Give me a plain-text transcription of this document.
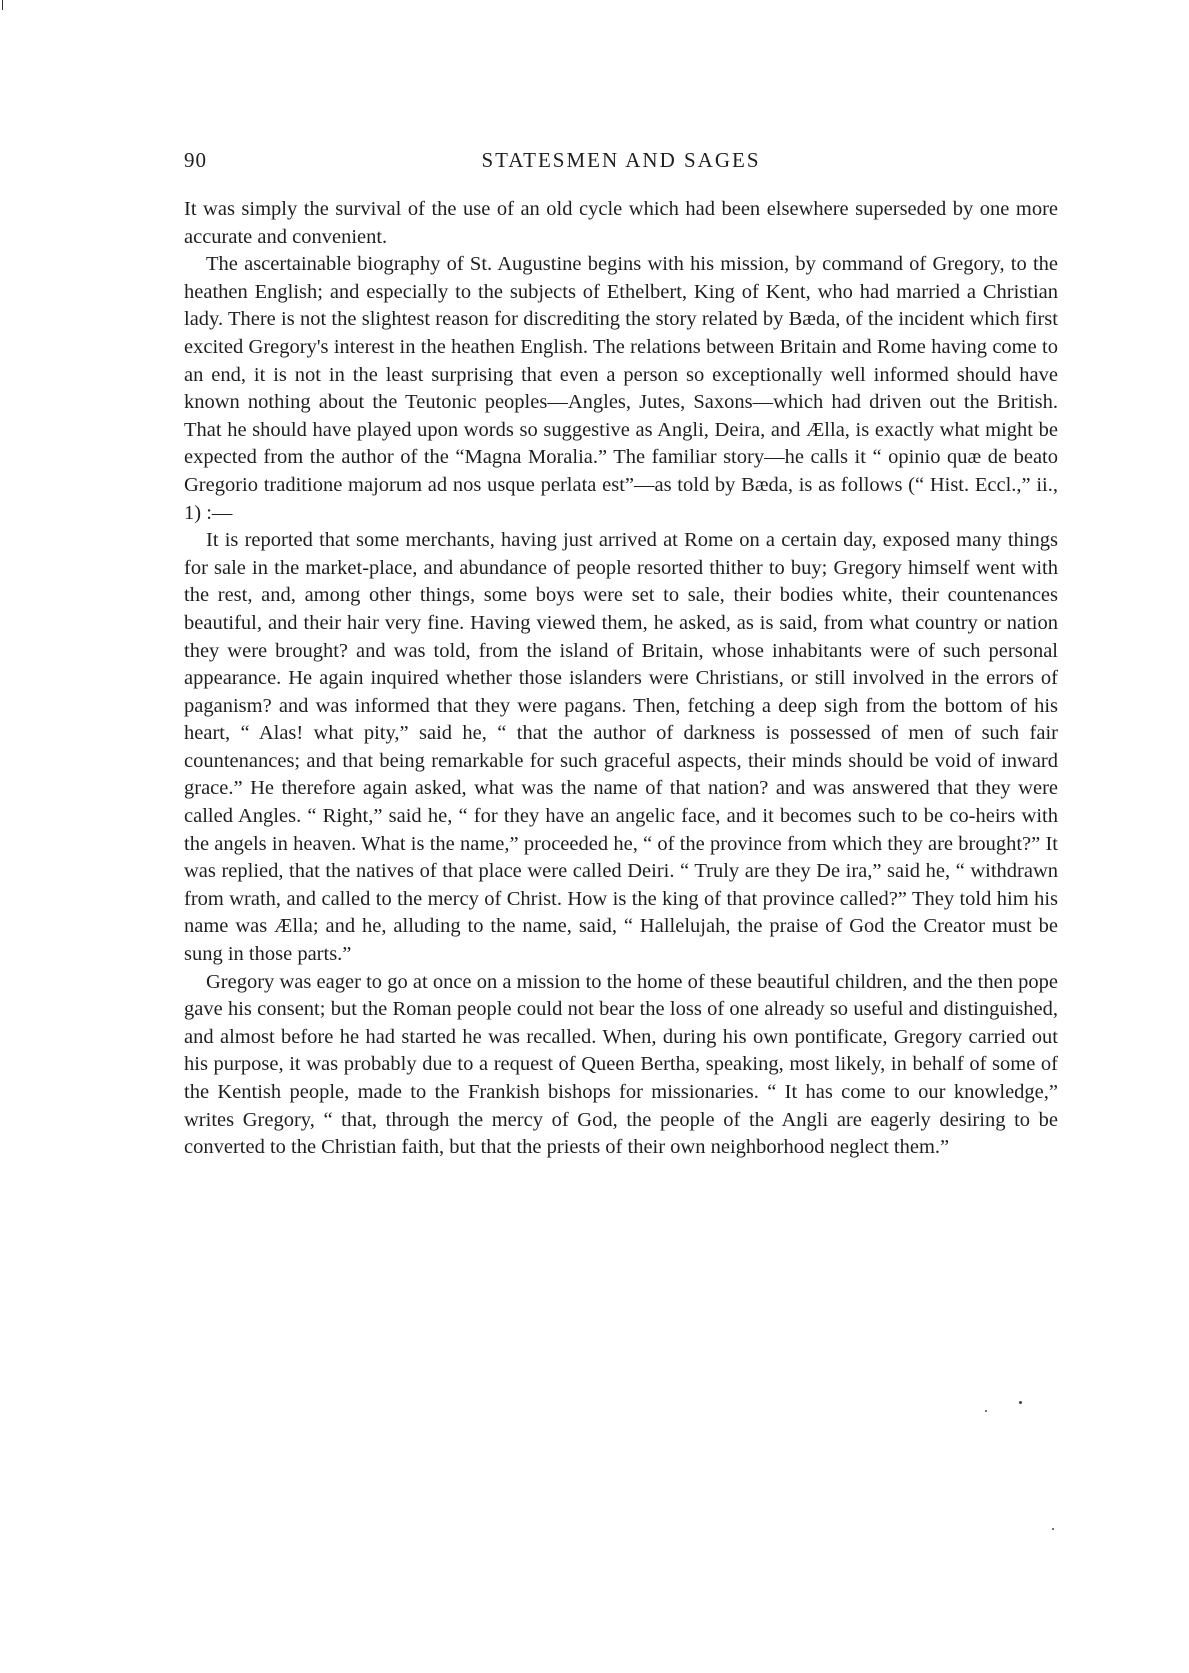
90	STATESMEN AND SAGES

It was simply the survival of the use of an old cycle which had been elsewhere superseded by one more accurate and convenient.

The ascertainable biography of St. Augustine begins with his mission, by command of Gregory, to the heathen English; and especially to the subjects of Ethelbert, King of Kent, who had married a Christian lady. There is not the slightest reason for discrediting the story related by Bæda, of the incident which first excited Gregory's interest in the heathen English. The relations between Britain and Rome having come to an end, it is not in the least surprising that even a person so exceptionally well informed should have known nothing about the Teutonic peoples—Angles, Jutes, Saxons—which had driven out the British. That he should have played upon words so suggestive as Angli, Deira, and Ælla, is exactly what might be expected from the author of the “Magna Moralia.” The familiar story—he calls it “ opinio quæ de beato Gregorio traditione majorum ad nos usque perlata est”—as told by Bæda, is as follows (“ Hist. Eccl.,” ii., 1) :—

It is reported that some merchants, having just arrived at Rome on a certain day, exposed many things for sale in the market-place, and abundance of people resorted thither to buy; Gregory himself went with the rest, and, among other things, some boys were set to sale, their bodies white, their countenances beautiful, and their hair very fine. Having viewed them, he asked, as is said, from what country or nation they were brought? and was told, from the island of Britain, whose inhabitants were of such personal appearance. He again inquired whether those islanders were Christians, or still involved in the errors of paganism? and was informed that they were pagans. Then, fetching a deep sigh from the bottom of his heart, “ Alas! what pity,” said he, “ that the author of darkness is possessed of men of such fair countenances; and that being remarkable for such graceful aspects, their minds should be void of inward grace.” He therefore again asked, what was the name of that nation? and was answered that they were called Angles. “ Right,” said he, “ for they have an angelic face, and it becomes such to be co-heirs with the angels in heaven. What is the name,” proceeded he, “ of the province from which they are brought?” It was replied, that the natives of that place were called Deiri. “ Truly are they De ira,” said he, “ withdrawn from wrath, and called to the mercy of Christ. How is the king of that province called?” They told him his name was Ælla; and he, alluding to the name, said, “ Hallelujah, the praise of God the Creator must be sung in those parts.”

Gregory was eager to go at once on a mission to the home of these beautiful children, and the then pope gave his consent; but the Roman people could not bear the loss of one already so useful and distinguished, and almost before he had started he was recalled. When, during his own pontificate, Gregory carried out his purpose, it was probably due to a request of Queen Bertha, speaking, most likely, in behalf of some of the Kentish people, made to the Frankish bishops for missionaries. “ It has come to our knowledge,” writes Gregory, “ that, through the mercy of God, the people of the Angli are eagerly desiring to be converted to the Christian faith, but that the priests of their own neighborhood neglect them.”
